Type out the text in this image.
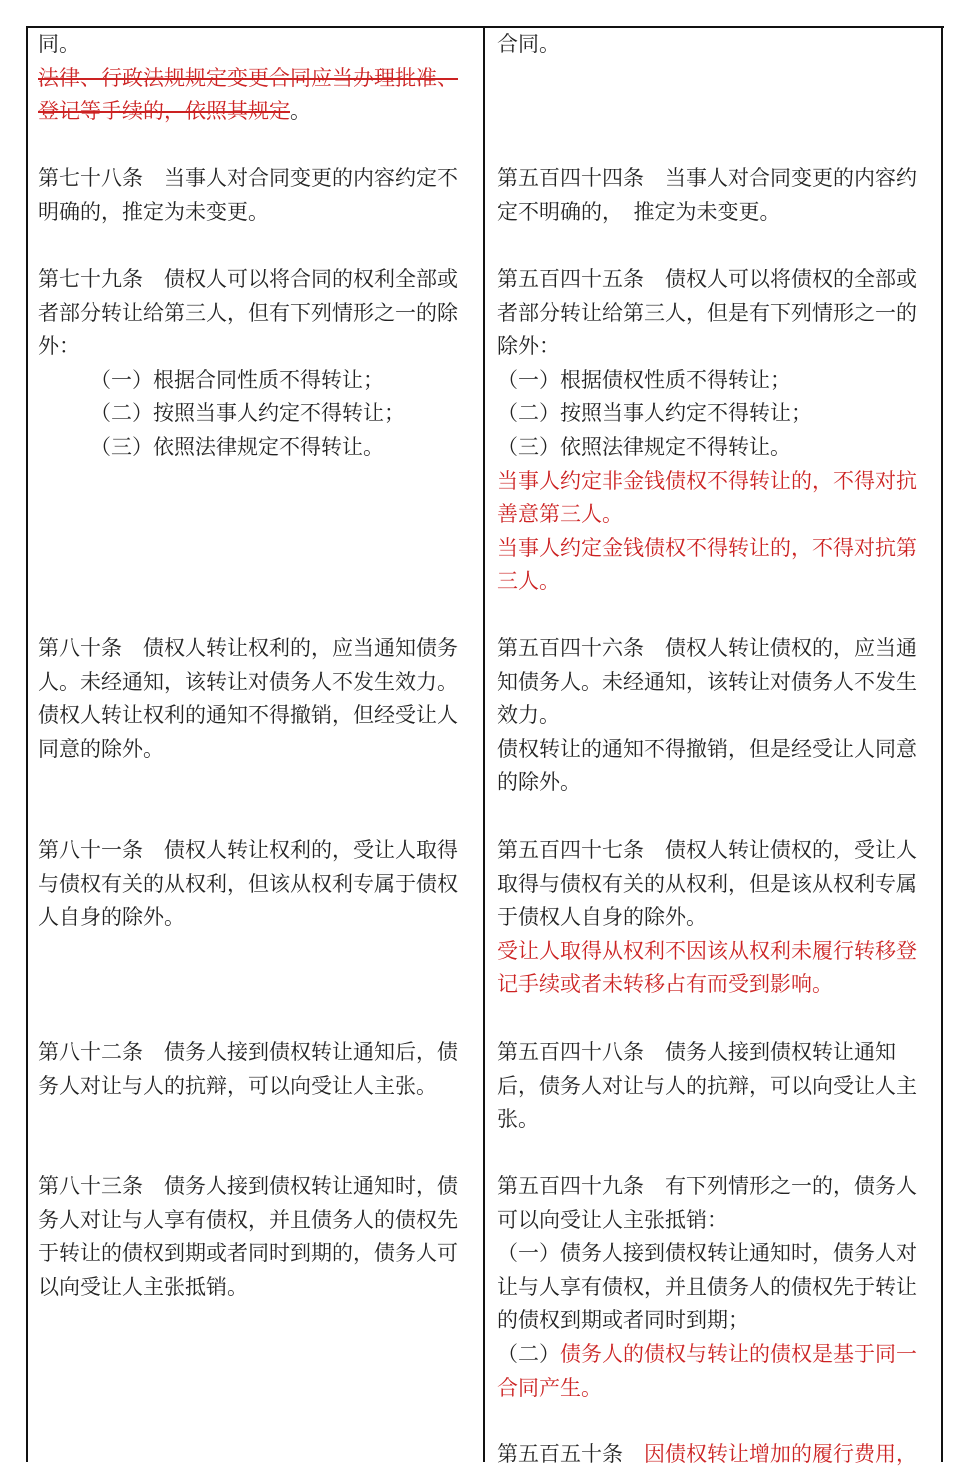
同。

法律、行政法规规定变更合同应当办理批准、登记等手续的，依照其规定。

第七十八条　当事人对合同变更的内容约定不明确的，推定为未变更。

第七十九条　债权人可以将合同的权利全部或者部分转让给第三人，但有下列情形之一的除外：

（一）根据合同性质不得转让；

（二）按照当事人约定不得转让；

（三）依照法律规定不得转让。

第八十条　债权人转让权利的，应当通知债务人。未经通知，该转让对债务人不发生效力。

债权人转让权利的通知不得撤销，但经受让人同意的除外。

第八十一条　债权人转让权利的，受让人取得与债权有关的从权利，但该从权利专属于债权人自身的除外。

第八十二条　债务人接到债权转让通知后，债务人对让与人的抗辩，可以向受让人主张。

第八十三条　债务人接到债权转让通知时，债务人对让与人享有债权，并且债务人的债权先于转让的债权到期或者同时到期的，债务人可以向受让人主张抵销。

合同。

第五百四十四条　当事人对合同变更的内容约定不明确的，　推定为未变更。

第五百四十五条　债权人可以将债权的全部或者部分转让给第三人，但是有下列情形之一的除外：

（一）根据债权性质不得转让；

（二）按照当事人约定不得转让；

（三）依照法律规定不得转让。

当事人约定非金钱债权不得转让的，不得对抗善意第三人。

当事人约定金钱债权不得转让的，不得对抗第三人。

第五百四十六条　债权人转让债权的，应当通知债务人。未经通知，该转让对债务人不发生效力。

债权转让的通知不得撤销，但是经受让人同意的除外。

第五百四十七条　债权人转让债权的，受让人取得与债权有关的从权利，但是该从权利专属于债权人自身的除外。

受让人取得从权利不因该从权利未履行转移登记手续或者未转移占有而受到影响。

第五百四十八条　债务人接到债权转让通知后，债务人对让与人的抗辩，可以向受让人主张。

第五百四十九条　有下列情形之一的，债务人可以向受让人主张抵销：

（一）债务人接到债权转让通知时，债务人对让与人享有债权，并且债务人的债权先于转让的债权到期或者同时到期；

（二）债务人的债权与转让的债权是基于同一合同产生。

第五百五十条　因债权转让增加的履行费用，
